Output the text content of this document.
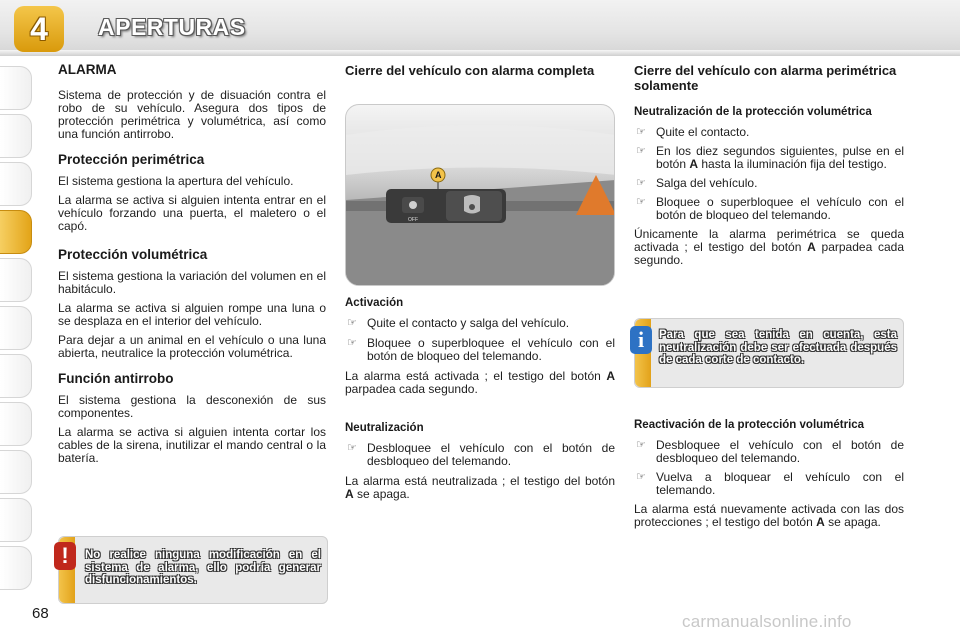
4	APERTURAS
ALARMA
Sistema de protección y de disuación contra el robo de su vehículo. Asegura dos tipos de protección perimétrica y volumétrica, así como una función antirrobo.
Protección perimétrica
El sistema gestiona la apertura del vehículo.
La alarma se activa si alguien intenta entrar en el vehículo forzando una puerta, el maletero o el capó.
Protección volumétrica
El sistema gestiona la variación del volumen en el habitáculo.
La alarma se activa si alguien rompe una luna o se desplaza en el interior del vehículo.
Para dejar a un animal en el vehículo o una luna abierta, neutralice la protección volumétrica.
Función antirrobo
El sistema gestiona la desconexión de sus componentes.
La alarma se activa si alguien intenta cortar los cables de la sirena, inutilizar el mando central o la batería.
No realice ninguna modificación en el sistema de alarma, ello podría generar disfuncionamientos.
!
Cierre del vehículo con alarma completa
OFF
A
Activación
☞ Quite el contacto y salga del vehículo.
☞ Bloquee o superbloquee el vehículo con el botón de bloqueo del telemando.
La alarma está activada ; el testigo del botón A parpadea cada segundo.
Neutralización
☞ Desbloquee el vehículo con el botón de desbloqueo del telemando.
La alarma está neutralizada ; el testigo del botón A se apaga.
Cierre del vehículo con alarma perimétrica solamente
Neutralización de la protección volumétrica
☞ Quite el contacto.
☞ En los diez segundos siguientes, pulse en el botón A hasta la iluminación fija del testigo.
☞ Salga del vehículo.
☞ Bloquee o superbloquee el vehículo con el botón de bloqueo del telemando.
Únicamente la alarma perimétrica se queda activada ; el testigo del botón A parpadea cada segundo.
Para que sea tenida en cuenta, esta neutralización debe ser efectuada después de cada corte de contacto.
i
Reactivación de la protección volumétrica
☞ Desbloquee el vehículo con el botón de desbloqueo del telemando.
☞ Vuelva a bloquear el vehículo con el telemando.
La alarma está nuevamente activada con las dos protecciones ; el testigo del botón A se apaga.
68	carmanualsonline.info
